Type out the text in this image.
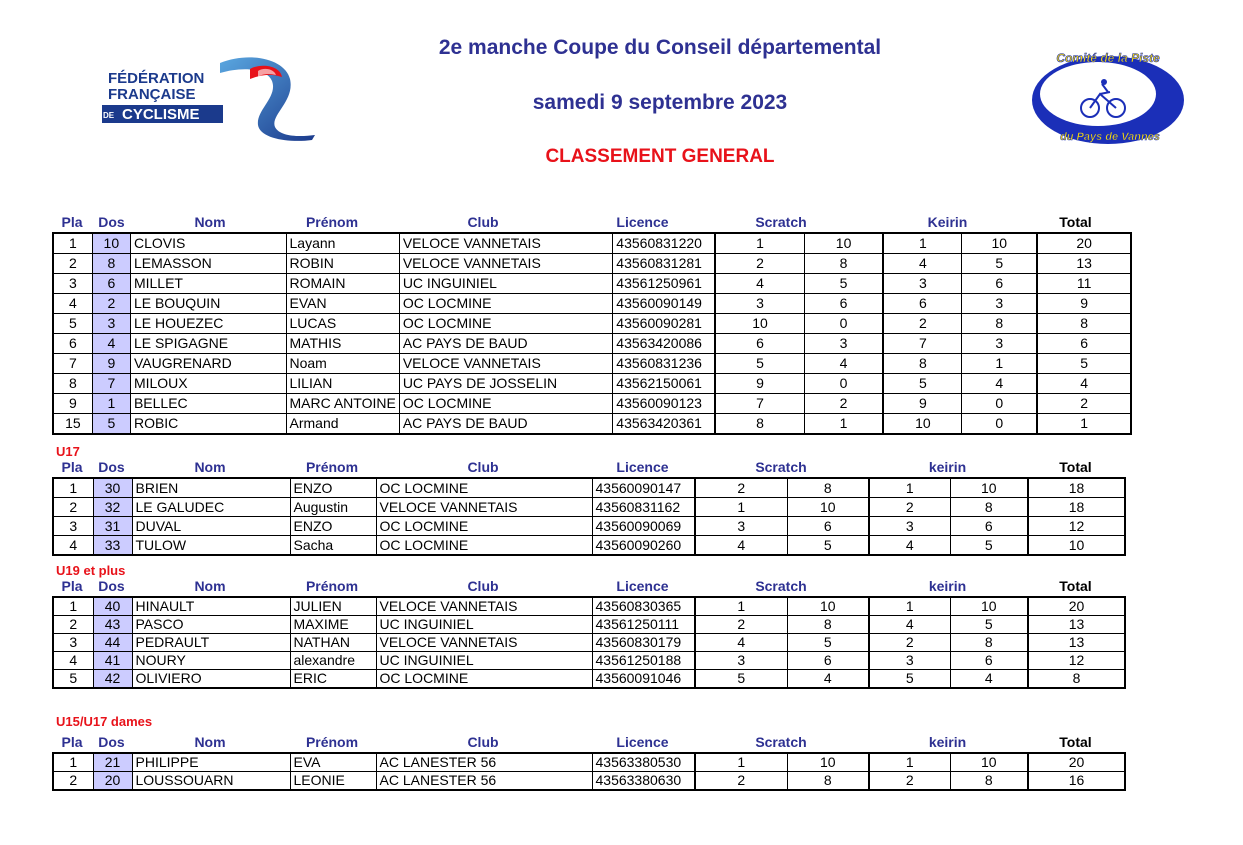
2e manche Coupe du Conseil départemental
samedi 9 septembre 2023
CLASSEMENT GENERAL
FÉDÉRATION
FRANÇAISE
DE CYCLISME
Comité de la Piste
du Pays de Vannes
Pla	Dos	Nom	Prénom	Club	Licence	Scratch	Keirin	Total
1	10	CLOVIS	Layann	VELOCE VANNETAIS	43560831220	1	10	1	10	20
2	8	LEMASSON	ROBIN	VELOCE VANNETAIS	43560831281	2	8	4	5	13
3	6	MILLET	ROMAIN	UC INGUINIEL	43561250961	4	5	3	6	11
4	2	LE BOUQUIN	EVAN	OC LOCMINE	43560090149	3	6	6	3	9
5	3	LE HOUEZEC	LUCAS	OC LOCMINE	43560090281	10	0	2	8	8
6	4	LE SPIGAGNE	MATHIS	AC PAYS DE BAUD	43563420086	6	3	7	3	6
7	9	VAUGRENARD	Noam	VELOCE VANNETAIS	43560831236	5	4	8	1	5
8	7	MILOUX	LILIAN	UC PAYS DE JOSSELIN	43562150061	9	0	5	4	4
9	1	BELLEC	MARC ANTOINE	OC LOCMINE	43560090123	7	2	9	0	2
15	5	ROBIC	Armand	AC PAYS DE BAUD	43563420361	8	1	10	0	1
U17
Pla	Dos	Nom	Prénom	Club	Licence	Scratch	keirin	Total
1	30	BRIEN	ENZO	OC LOCMINE	43560090147	2	8	1	10	18
2	32	LE GALUDEC	Augustin	VELOCE VANNETAIS	43560831162	1	10	2	8	18
3	31	DUVAL	ENZO	OC LOCMINE	43560090069	3	6	3	6	12
4	33	TULOW	Sacha	OC LOCMINE	43560090260	4	5	4	5	10
U19 et plus
Pla	Dos	Nom	Prénom	Club	Licence	Scratch	keirin	Total
1	40	HINAULT	JULIEN	VELOCE VANNETAIS	43560830365	1	10	1	10	20
2	43	PASCO	MAXIME	UC INGUINIEL	43561250111	2	8	4	5	13
3	44	PEDRAULT	NATHAN	VELOCE VANNETAIS	43560830179	4	5	2	8	13
4	41	NOURY	alexandre	UC INGUINIEL	43561250188	3	6	3	6	12
5	42	OLIVIERO	ERIC	OC LOCMINE	43560091046	5	4	5	4	8
U15/U17 dames
Pla	Dos	Nom	Prénom	Club	Licence	Scratch	keirin	Total
1	21	PHILIPPE	EVA	AC LANESTER 56	43563380530	1	10	1	10	20
2	20	LOUSSOUARN	LEONIE	AC LANESTER 56	43563380630	2	8	2	8	16
